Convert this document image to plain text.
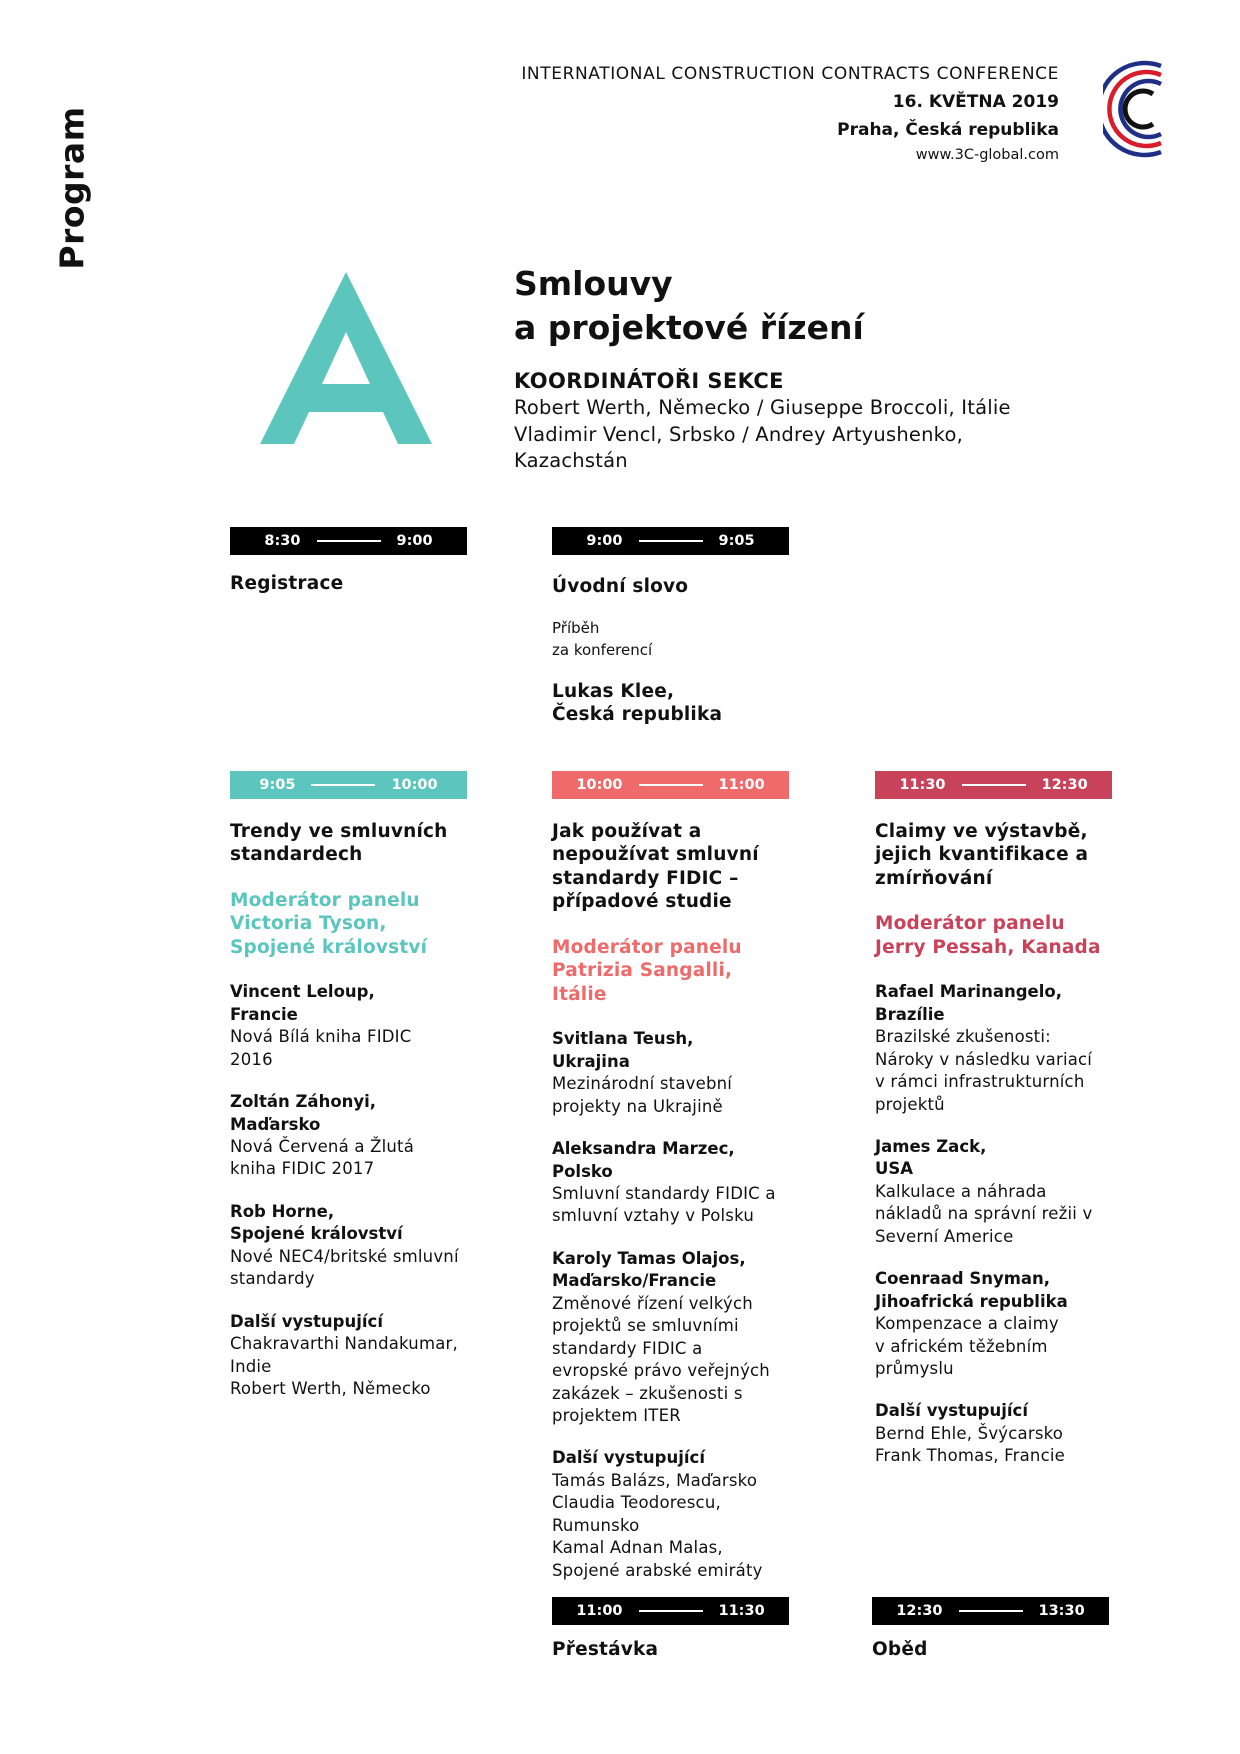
Program
INTERNATIONAL CONSTRUCTION CONTRACTS CONFERENCE
16. KVĚTNA 2019
Praha, Česká republika
www.3C-global.com
Smlouvy
a projektové řízení
KOORDINÁTOŘI SEKCE
Robert Werth, Německo / Giuseppe Broccoli, Itálie
Vladimir Vencl, Srbsko / Andrey Artyushenko, Kazachstán
8:30	9:00	9:00	9:05
Registrace	Úvodní slovo
Příběh
za konferencí
Lukas Klee,
Česká republika
9:05	10:00	10:00	11:00	11:30	12:30
Trendy ve smluvních
standardech
Moderátor panelu
Victoria Tyson,
Spojené království
Vincent Leloup,
Francie
Nová Bílá kniha FIDIC
2016
Zoltán Záhonyi,
Maďarsko
Nová Červená a Žlutá
kniha FIDIC 2017
Rob Horne,
Spojené království
Nové NEC4/britské smluvní
standardy
Další vystupující
Chakravarthi Nandakumar,
Indie
Robert Werth, Německo
Jak používat a
nepoužívat smluvní
standardy FIDIC –
případové studie
Moderátor panelu
Patrizia Sangalli, Itálie
Svitlana Teush,
Ukrajina
Mezinárodní stavební
projekty na Ukrajině
Aleksandra Marzec,
Polsko
Smluvní standardy FIDIC a
smluvní vztahy v Polsku
Karoly Tamas Olajos,
Maďarsko/Francie
Změnové řízení velkých
projektů se smluvními
standardy FIDIC a
evropské právo veřejných
zakázek – zkušenosti s
projektem ITER
Další vystupující
Tamás Balázs, Maďarsko
Claudia Teodorescu,
Rumunsko
Kamal Adnan Malas,
Spojené arabské emiráty
Claimy ve výstavbě,
jejich kvantifikace a
zmírňování
Moderátor panelu
Jerry Pessah, Kanada
Rafael Marinangelo,
Brazílie
Brazilské zkušenosti:
Nároky v následku variací
v rámci infrastrukturních
projektů
James Zack,
USA
Kalkulace a náhrada
nákladů na správní režii v
Severní Americe
Coenraad Snyman,
Jihoafrická republika
Kompenzace a claimy
v africkém těžebním
průmyslu
Další vystupující
Bernd Ehle, Švýcarsko
Frank Thomas, Francie
11:00	11:30	12:30	13:30
Přestávka	Oběd
